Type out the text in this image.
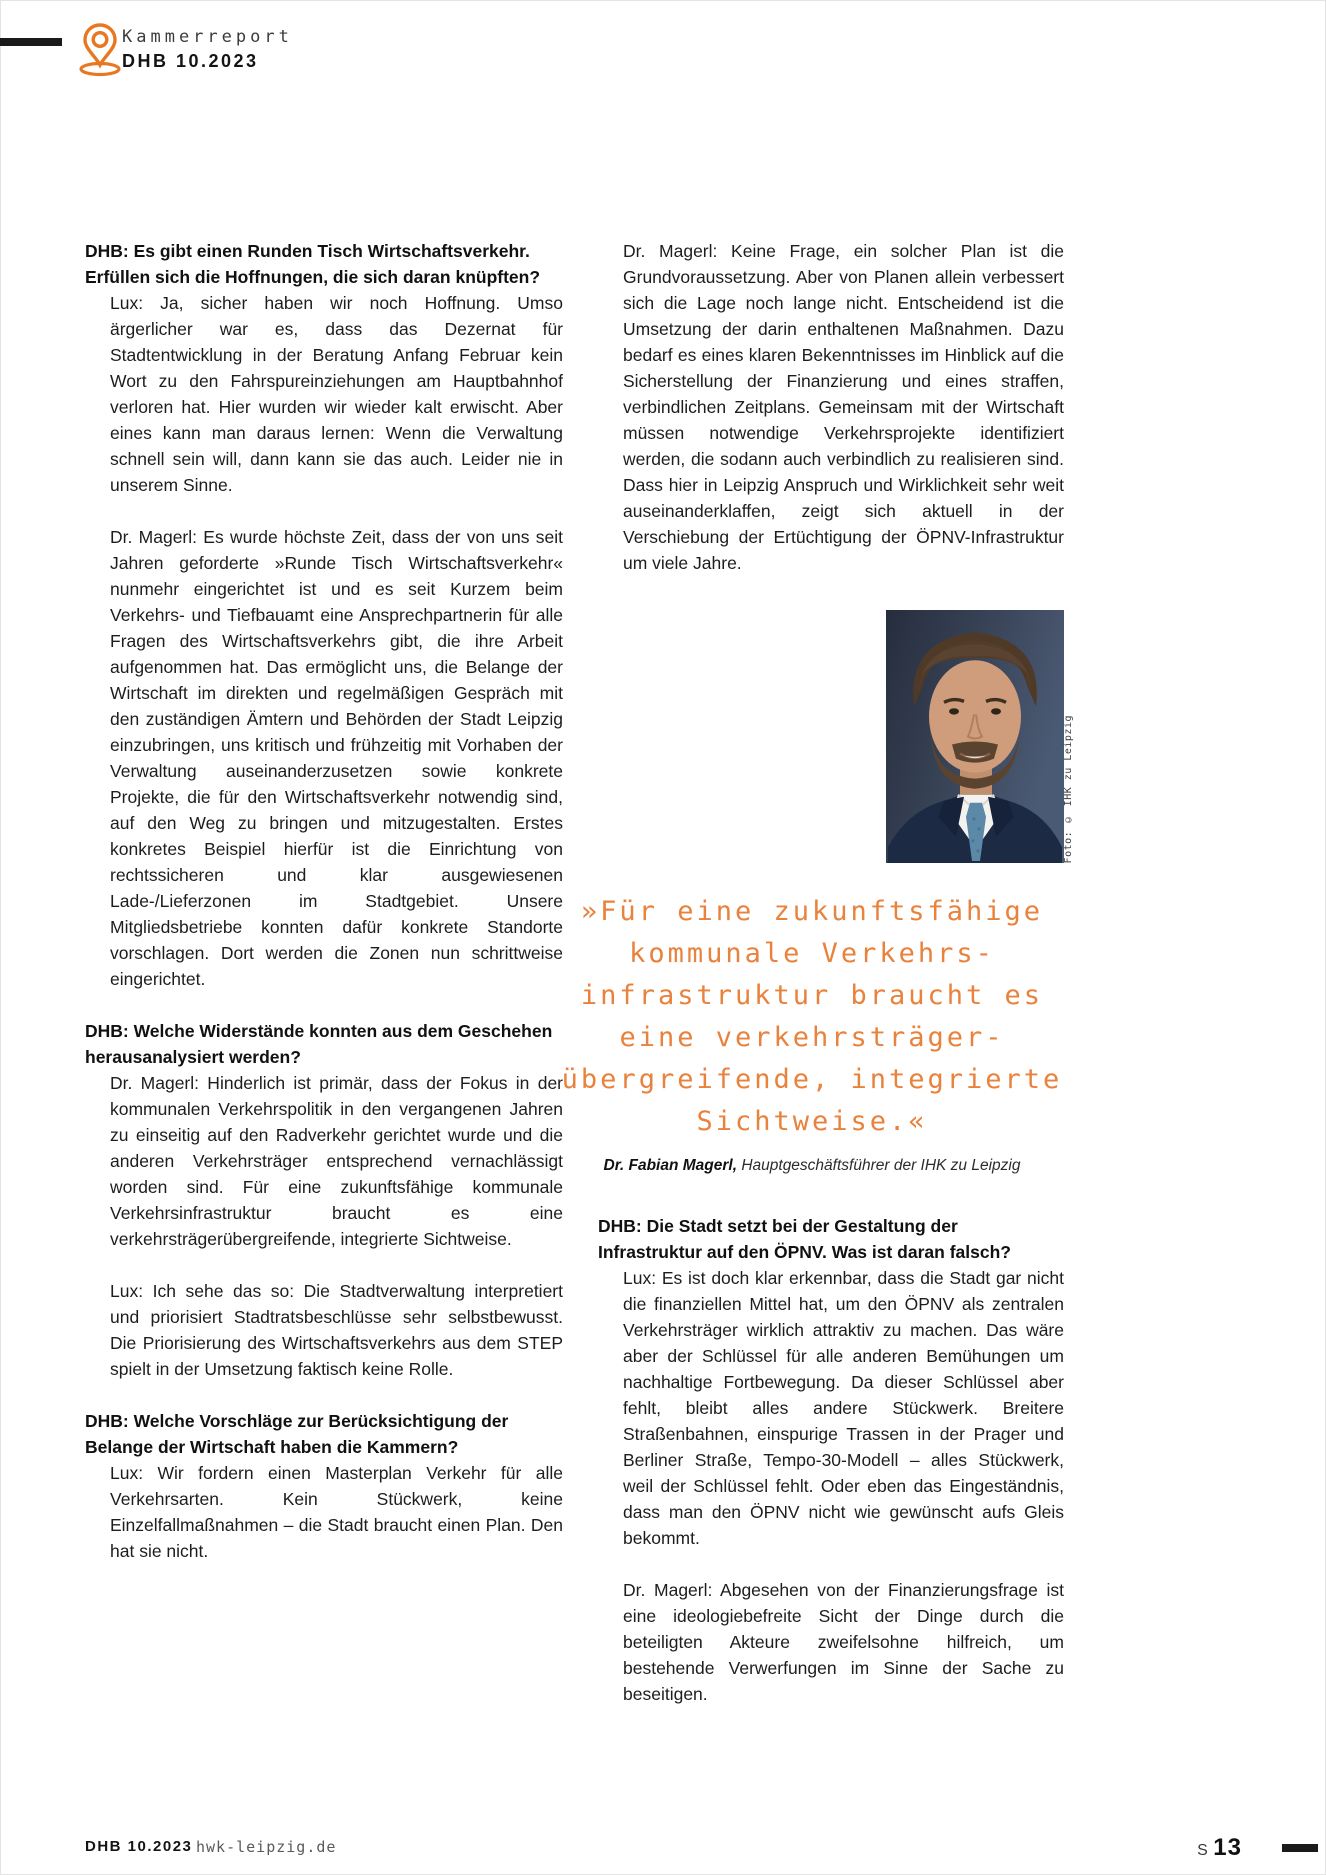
Kammerreport
DHB 10.2023

DHB: Es gibt einen Runden Tisch Wirtschaftsverkehr. Erfüllen sich die Hoffnungen, die sich daran knüpften?

Lux: Ja, sicher haben wir noch Hoffnung. Umso ärgerlicher war es, dass das Dezernat für Stadtentwicklung in der Beratung Anfang Februar kein Wort zu den Fahrspureinziehungen am Hauptbahnhof verloren hat. Hier wurden wir wieder kalt erwischt. Aber eines kann man daraus lernen: Wenn die Verwaltung schnell sein will, dann kann sie das auch. Leider nie in unserem Sinne.

Dr. Magerl: Es wurde höchste Zeit, dass der von uns seit Jahren geforderte »Runde Tisch Wirtschaftsverkehr« nunmehr eingerichtet ist und es seit Kurzem beim Verkehrs- und Tiefbauamt eine Ansprechpartnerin für alle Fragen des Wirtschaftsverkehrs gibt, die ihre Arbeit aufgenommen hat. Das ermöglicht uns, die Belange der Wirtschaft im direkten und regelmäßigen Gespräch mit den zuständigen Ämtern und Behörden der Stadt Leipzig einzubringen, uns kritisch und frühzeitig mit Vorhaben der Verwaltung auseinanderzusetzen sowie konkrete Projekte, die für den Wirtschaftsverkehr notwendig sind, auf den Weg zu bringen und mitzugestalten. Erstes konkretes Beispiel hierfür ist die Einrichtung von rechtssicheren und klar ausgewiesenen Lade-/Lieferzonen im Stadtgebiet. Unsere Mitgliedsbetriebe konnten dafür konkrete Standorte vorschlagen. Dort werden die Zonen nun schrittweise eingerichtet.

DHB: Welche Widerstände konnten aus dem Geschehen herausanalysiert werden?

Dr. Magerl: Hinderlich ist primär, dass der Fokus in der kommunalen Verkehrspolitik in den vergangenen Jahren zu einseitig auf den Radverkehr gerichtet wurde und die anderen Verkehrsträger entsprechend vernachlässigt worden sind. Für eine zukunftsfähige kommunale Verkehrsinfrastruktur braucht es eine verkehrsträgerübergreifende, integrierte Sichtweise.

Lux: Ich sehe das so: Die Stadtverwaltung interpretiert und priorisiert Stadtratsbeschlüsse sehr selbstbewusst. Die Priorisierung des Wirtschaftsverkehrs aus dem STEP spielt in der Umsetzung faktisch keine Rolle.

DHB: Welche Vorschläge zur Berücksichtigung der Belange der Wirtschaft haben die Kammern?

Lux: Wir fordern einen Masterplan Verkehr für alle Verkehrsarten. Kein Stückwerk, keine Einzelfallmaßnahmen – die Stadt braucht einen Plan. Den hat sie nicht.

Dr. Magerl: Keine Frage, ein solcher Plan ist die Grundvoraussetzung. Aber von Planen allein verbessert sich die Lage noch lange nicht. Entscheidend ist die Umsetzung der darin enthaltenen Maßnahmen. Dazu bedarf es eines klaren Bekenntnisses im Hinblick auf die Sicherstellung der Finanzierung und eines straffen, verbindlichen Zeitplans. Gemeinsam mit der Wirtschaft müssen notwendige Verkehrsprojekte identifiziert werden, die sodann auch verbindlich zu realisieren sind. Dass hier in Leipzig Anspruch und Wirklichkeit sehr weit auseinanderklaffen, zeigt sich aktuell in der Verschiebung der Ertüchtigung der ÖPNV-Infrastruktur um viele Jahre.

Foto: © IHK zu Leipzig
»Für eine zukunftsfähige
kommunale Verkehrs-
infrastruktur braucht es
eine verkehrsträger-
übergreifende, integrierte
Sichtweise.«

Dr. Fabian Magerl, Hauptgeschäftsführer der IHK zu Leipzig

DHB: Die Stadt setzt bei der Gestaltung der Infrastruktur auf den ÖPNV. Was ist daran falsch?

Lux: Es ist doch klar erkennbar, dass die Stadt gar nicht die finanziellen Mittel hat, um den ÖPNV als zentralen Verkehrsträger wirklich attraktiv zu machen. Das wäre aber der Schlüssel für alle anderen Bemühungen um nachhaltige Fortbewegung. Da dieser Schlüssel aber fehlt, bleibt alles andere Stückwerk. Breitere Straßenbahnen, einspurige Trassen in der Prager und Berliner Straße, Tempo-30-Modell – alles Stückwerk, weil der Schlüssel fehlt. Oder eben das Eingeständnis, dass man den ÖPNV nicht wie gewünscht aufs Gleis bekommt.

Dr. Magerl: Abgesehen von der Finanzierungsfrage ist eine ideologiebefreite Sicht der Dinge durch die beteiligten Akteure zweifelsohne hilfreich, um bestehende Verwerfungen im Sinne der Sache zu beseitigen.

DHB 10.2023 hwk-leipzig.de	S 13
